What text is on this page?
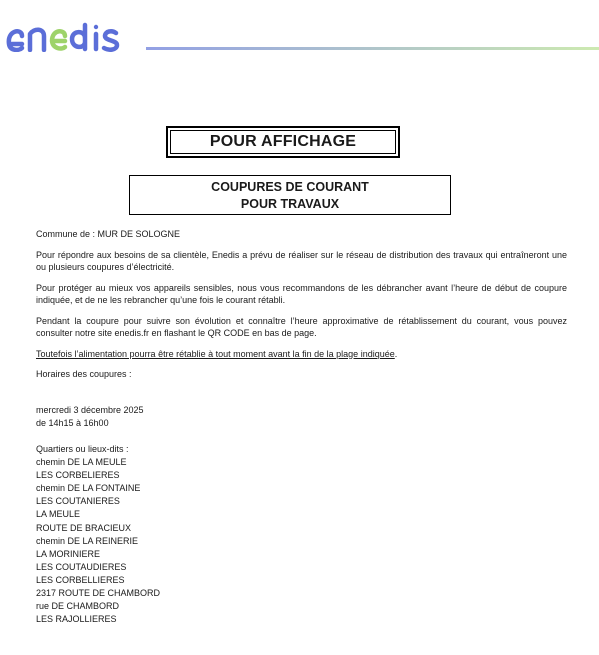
POUR AFFICHAGE
COUPURES DE COURANT
POUR TRAVAUX

Commune de : MUR DE SOLOGNE

Pour répondre aux besoins de sa clientèle, Enedis a prévu de réaliser sur le réseau de distribution des travaux qui entraîneront une ou plusieurs coupures d’électricité.

Pour protéger au mieux vos appareils sensibles, nous vous recommandons de les débrancher avant l’heure de début de coupure indiquée, et de ne les rebrancher qu’une fois le courant rétabli.

Pendant la coupure pour suivre son évolution et connaître l’heure approximative de rétablissement du courant, vous pouvez consulter notre site enedis.fr en flashant le QR CODE en bas de page.

Toutefois l’alimentation pourra être rétablie à tout moment avant la fin de la plage indiquée.

Horaires des coupures :

mercredi 3 décembre 2025
de 14h15 à 16h00
Quartiers ou lieux-dits :
chemin DE LA MEULE
LES CORBELIERES
chemin DE LA FONTAINE
LES COUTANIERES
LA MEULE
ROUTE DE BRACIEUX
chemin DE LA REINERIE
LA MORINIERE
LES COUTAUDIERES
LES CORBELLIERES
2317 ROUTE DE CHAMBORD
rue DE CHAMBORD
LES RAJOLLIERES
